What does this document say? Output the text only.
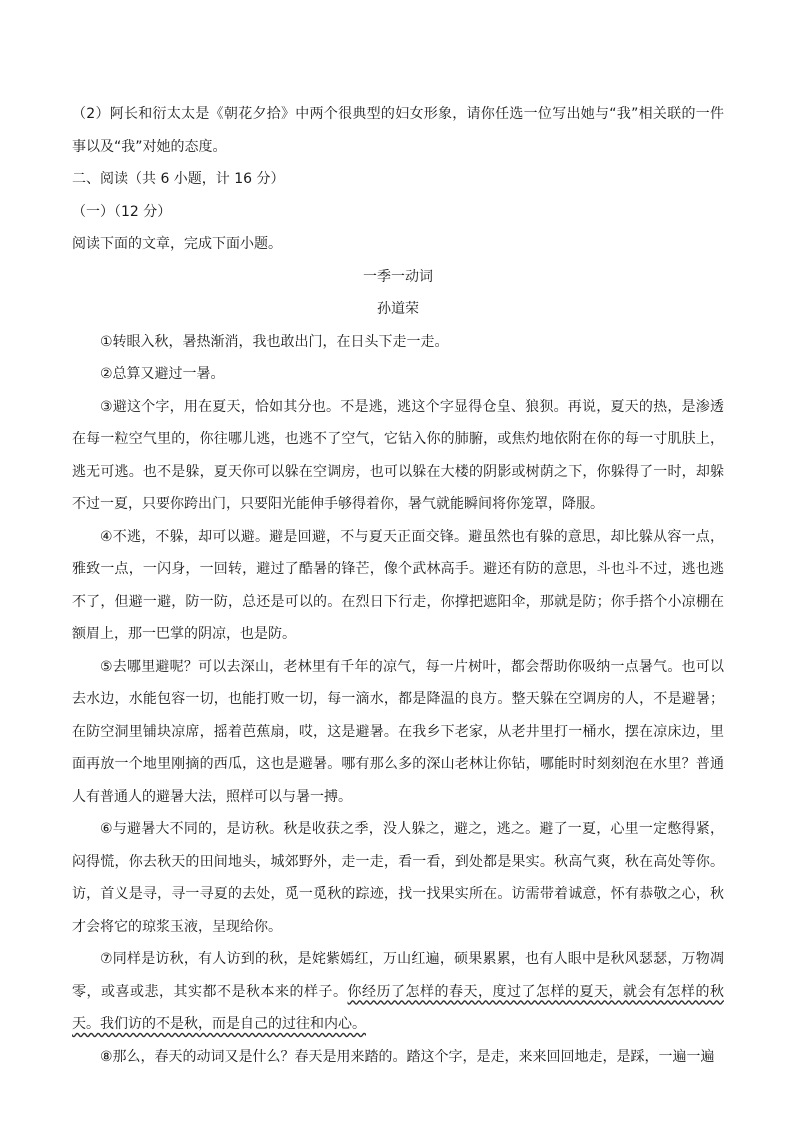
（2）阿长和衍太太是《朝花夕拾》中两个很典型的妇女形象，请你任选一位写出她与“我”相关联的一件事以及“我”对她的态度。

二、阅读（共 6 小题，计 16 分）

（一）（12 分）

阅读下面的文章，完成下面小题。

一季一动词

孙道荣

①转眼入秋，暑热渐消，我也敢出门，在日头下走一走。

②总算又避过一暑。

③避这个字，用在夏天，恰如其分也。不是逃，逃这个字显得仓皇、狼狈。再说，夏天的热，是渗透在每一粒空气里的，你往哪儿逃，也逃不了空气，它钻入你的肺腑，或焦灼地依附在你的每一寸肌肤上，逃无可逃。也不是躲，夏天你可以躲在空调房，也可以躲在大楼的阴影或树荫之下，你躲得了一时，却躲不过一夏，只要你跨出门，只要阳光能伸手够得着你，暑气就能瞬间将你笼罩，降服。

④不逃，不躲，却可以避。避是回避，不与夏天正面交锋。避虽然也有躲的意思，却比躲从容一点，雅致一点，一闪身，一回转，避过了酷暑的锋芒，像个武林高手。避还有防的意思，斗也斗不过，逃也逃不了，但避一避，防一防，总还是可以的。在烈日下行走，你撑把遮阳伞，那就是防；你手搭个小凉棚在额眉上，那一巴掌的阴凉，也是防。

⑤去哪里避呢？可以去深山，老林里有千年的凉气，每一片树叶，都会帮助你吸纳一点暑气。也可以去水边，水能包容一切，也能打败一切，每一滴水，都是降温的良方。整天躲在空调房的人，不是避暑；在防空洞里铺块凉席，摇着芭蕉扇，哎，这是避暑。在我乡下老家，从老井里打一桶水，摆在凉床边，里面再放一个地里刚摘的西瓜，这也是避暑。哪有那么多的深山老林让你钻，哪能时时刻刻泡在水里？普通人有普通人的避暑大法，照样可以与暑一搏。

⑥与避暑大不同的，是访秋。秋是收获之季，没人躲之，避之，逃之。避了一夏，心里一定憋得紧，闷得慌，你去秋天的田间地头，城郊野外，走一走，看一看，到处都是果实。秋高气爽，秋在高处等你。访，首义是寻，寻一寻夏的去处，觅一觅秋的踪迹，找一找果实所在。访需带着诚意，怀有恭敬之心，秋才会将它的琼浆玉液，呈现给你。

⑦同样是访秋，有人访到的秋，是姹紫嫣红，万山红遍，硕果累累，也有人眼中是秋风瑟瑟，万物凋零，或喜或悲，其实都不是秋本来的样子。你经历了怎样的春天，度过了怎样的夏天，就会有怎样的秋天。我们访的不是秋，而是自己的过往和内心。

⑧那么，春天的动词又是什么？春天是用来踏的。踏这个字，是走，来来回回地走，是踩，一遍一遍
